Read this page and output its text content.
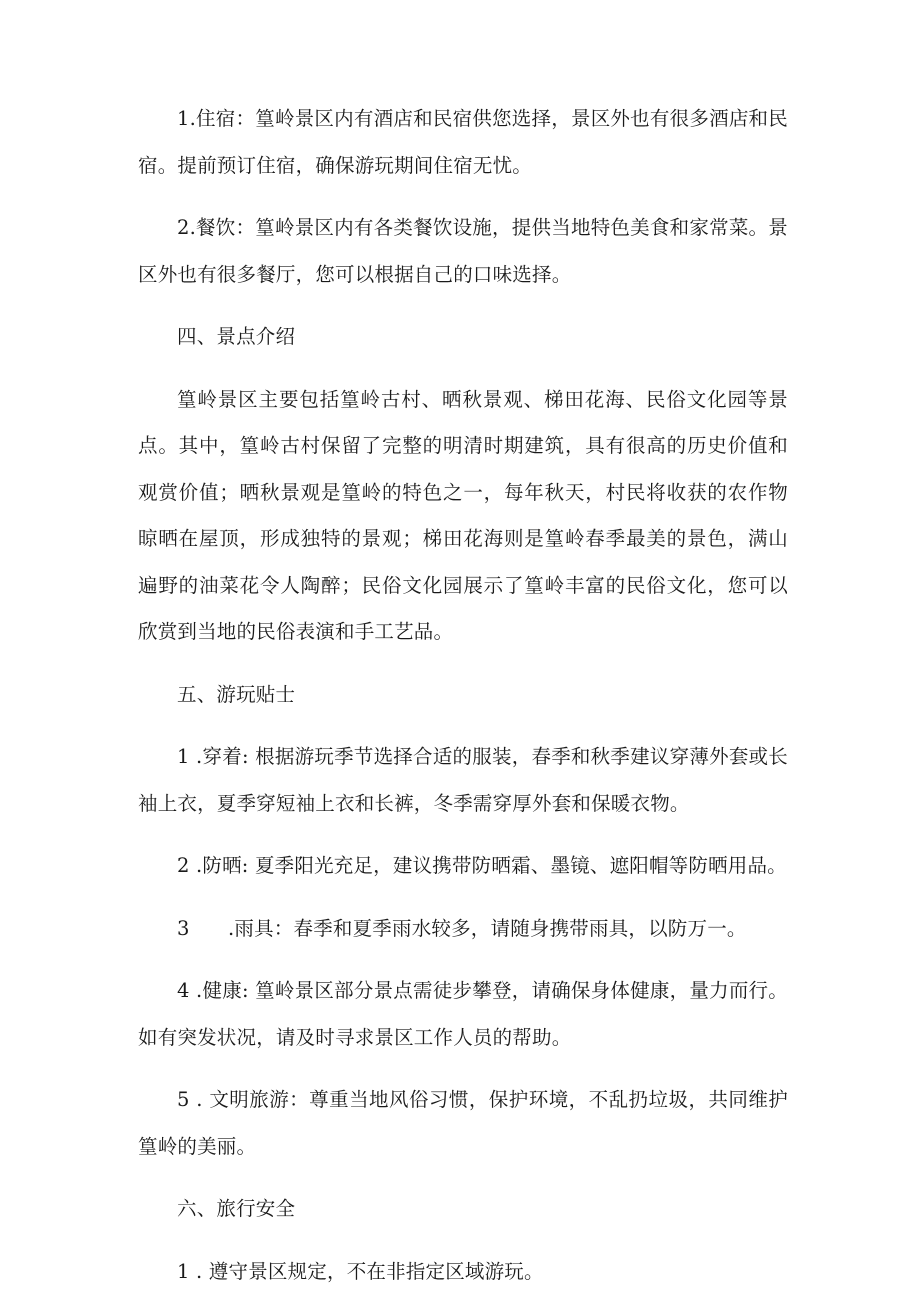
1.住宿：篁岭景区内有酒店和民宿供您选择，景区外也有很多酒店和民宿。提前预订住宿，确保游玩期间住宿无忧。

2.餐饮：篁岭景区内有各类餐饮设施，提供当地特色美食和家常菜。景区外也有很多餐厅，您可以根据自己的口味选择。

四、景点介绍

篁岭景区主要包括篁岭古村、晒秋景观、梯田花海、民俗文化园等景点。其中，篁岭古村保留了完整的明清时期建筑，具有很高的历史价值和观赏价值；晒秋景观是篁岭的特色之一，每年秋天，村民将收获的农作物晾晒在屋顶，形成独特的景观；梯田花海则是篁岭春季最美的景色，满山遍野的油菜花令人陶醉；民俗文化园展示了篁岭丰富的民俗文化，您可以欣赏到当地的民俗表演和手工艺品。

五、游玩贴士

1 .穿着: 根据游玩季节选择合适的服装，春季和秋季建议穿薄外套或长袖上衣，夏季穿短袖上衣和长裤，冬季需穿厚外套和保暖衣物。

2 .防晒: 夏季阳光充足，建议携带防晒霜、墨镜、遮阳帽等防晒用品。

3      .雨具：春季和夏季雨水较多，请随身携带雨具，以防万一。

4 .健康: 篁岭景区部分景点需徒步攀登，请确保身体健康，量力而行。如有突发状况，请及时寻求景区工作人员的帮助。

5 . 文明旅游：尊重当地风俗习惯，保护环境，不乱扔垃圾，共同维护篁岭的美丽。

六、旅行安全

1 . 遵守景区规定，不在非指定区域游玩。
